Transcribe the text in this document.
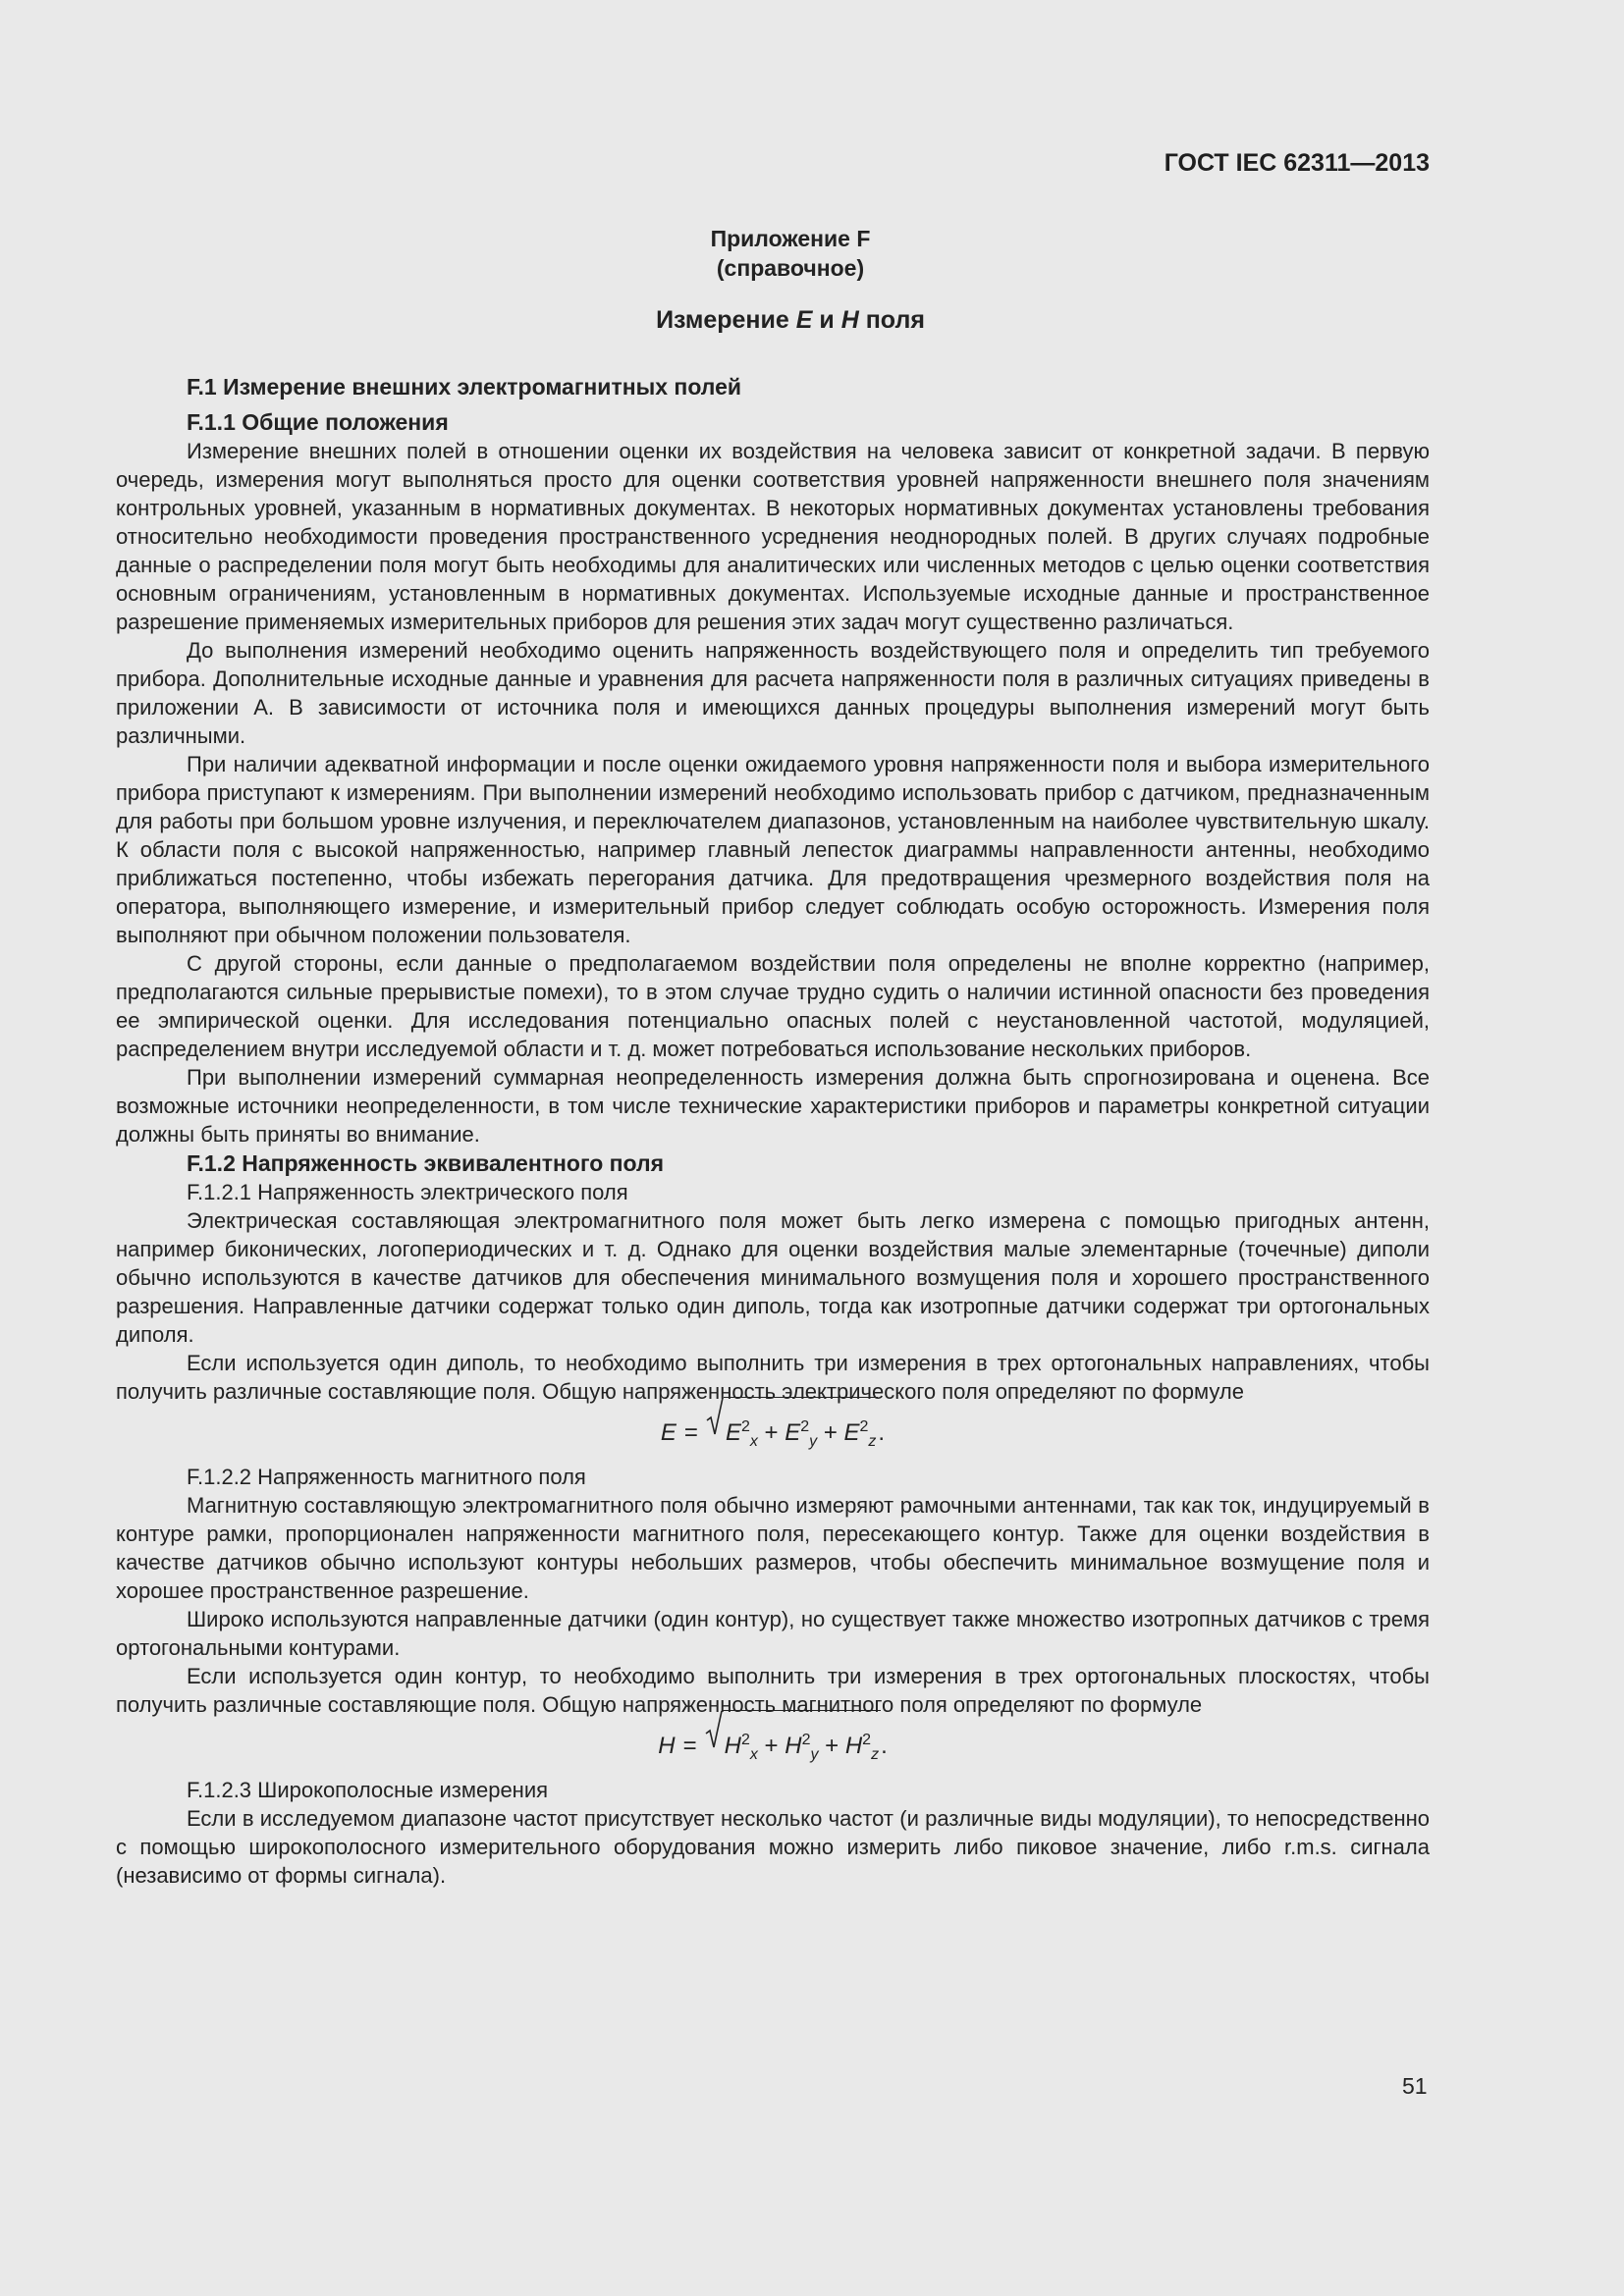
ГОСТ IEC 62311—2013
Приложение F
(справочное)
Измерение E и H поля
F.1 Измерение внешних электромагнитных полей
F.1.1 Общие положения

Измерение внешних полей в отношении оценки их воздействия на человека зависит от конкретной задачи. В первую очередь, измерения могут выполняться просто для оценки соответствия уровней напряженности внешнего поля значениям контрольных уровней, указанным в нормативных документах. В некоторых нормативных документах установлены требования относительно необходимости проведения пространственного усреднения неоднородных полей. В других случаях подробные данные о распределении поля могут быть необходимы для аналитических или численных методов с целью оценки соответствия основным ограничениям, установленным в нормативных документах. Используемые исходные данные и пространственное разрешение применяемых измерительных приборов для решения этих задач могут существенно различаться.

До выполнения измерений необходимо оценить напряженность воздействующего поля и определить тип требуемого прибора. Дополнительные исходные данные и уравнения для расчета напряженности поля в различных ситуациях приведены в приложении А. В зависимости от источника поля и имеющихся данных процедуры выполнения измерений могут быть различными.

При наличии адекватной информации и после оценки ожидаемого уровня напряженности поля и выбора измерительного прибора приступают к измерениям. При выполнении измерений необходимо использовать прибор с датчиком, предназначенным для работы при большом уровне излучения, и переключателем диапазонов, установленным на наиболее чувствительную шкалу. К области поля с высокой напряженностью, например главный лепесток диаграммы направленности антенны, необходимо приближаться постепенно, чтобы избежать перегорания датчика. Для предотвращения чрезмерного воздействия поля на оператора, выполняющего измерение, и измерительный прибор следует соблюдать особую осторожность. Измерения поля выполняют при обычном положении пользователя.

С другой стороны, если данные о предполагаемом воздействии поля определены не вполне корректно (например, предполагаются сильные прерывистые помехи), то в этом случае трудно судить о наличии истинной опасности без проведения ее эмпирической оценки. Для исследования потенциально опасных полей с неустановленной частотой, модуляцией, распределением внутри исследуемой области и т. д. может потребоваться использование нескольких приборов.

При выполнении измерений суммарная неопределенность измерения должна быть спрогнозирована и оценена. Все возможные источники неопределенности, в том числе технические характеристики приборов и параметры конкретной ситуации должны быть приняты во внимание.

F.1.2 Напряженность эквивалентного поля
F.1.2.1 Напряженность электрического поля

Электрическая составляющая электромагнитного поля может быть легко измерена с помощью пригодных антенн, например биконических, логопериодических и т. д. Однако для оценки воздействия малые элементарные (точечные) диполи обычно используются в качестве датчиков для обеспечения минимального возмущения поля и хорошего пространственного разрешения. Направленные датчики содержат только один диполь, тогда как изотропные датчики содержат три ортогональных диполя.

Если используется один диполь, то необходимо выполнить три измерения в трех ортогональных направлениях, чтобы получить различные составляющие поля. Общую напряженность электрического поля определяют по формуле

$E = E^2_x + E^2_y + E^2_z$ .
F.1.2.2 Напряженность магнитного поля

Магнитную составляющую электромагнитного поля обычно измеряют рамочными антеннами, так как ток, индуцируемый в контуре рамки, пропорционален напряженности магнитного поля, пересекающего контур. Также для оценки воздействия в качестве датчиков обычно используют контуры небольших размеров, чтобы обеспечить минимальное возмущение поля и хорошее пространственное разрешение.

Широко используются направленные датчики (один контур), но существует также множество изотропных датчиков с тремя ортогональными контурами.

Если используется один контур, то необходимо выполнить три измерения в трех ортогональных плоскостях, чтобы получить различные составляющие поля. Общую напряженность магнитного поля определяют по формуле

$H = H^2_x + H^2_y + H^2_z$ .
F.1.2.3 Широкополосные измерения

Если в исследуемом диапазоне частот присутствует несколько частот (и различные виды модуляции), то непосредственно с помощью широкополосного измерительного оборудования можно измерить либо пиковое значение, либо r.m.s. сигнала (независимо от формы сигнала).

51
